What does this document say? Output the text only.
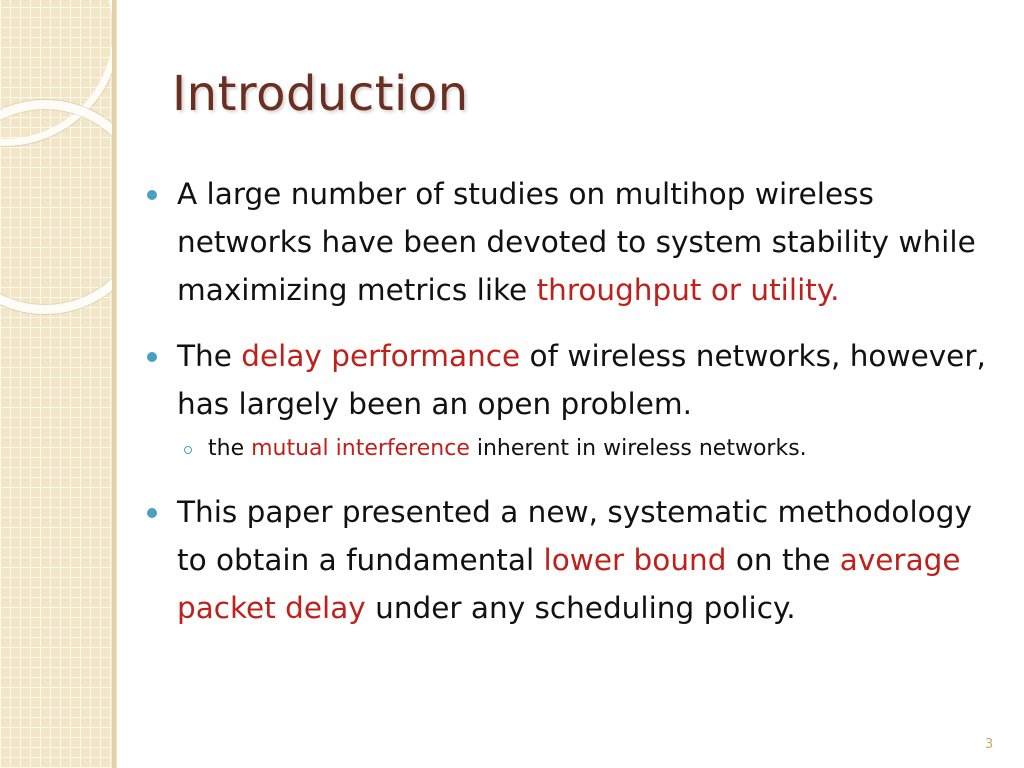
Introduction
A large number of studies on multihop wireless networks have been devoted to system stability while maximizing metrics like throughput or utility.
The delay performance of wireless networks, however, has largely been an open problem.
the mutual interference inherent in wireless networks.
This paper presented a new, systematic methodology to obtain a fundamental lower bound on the average packet delay under any scheduling policy.
3
